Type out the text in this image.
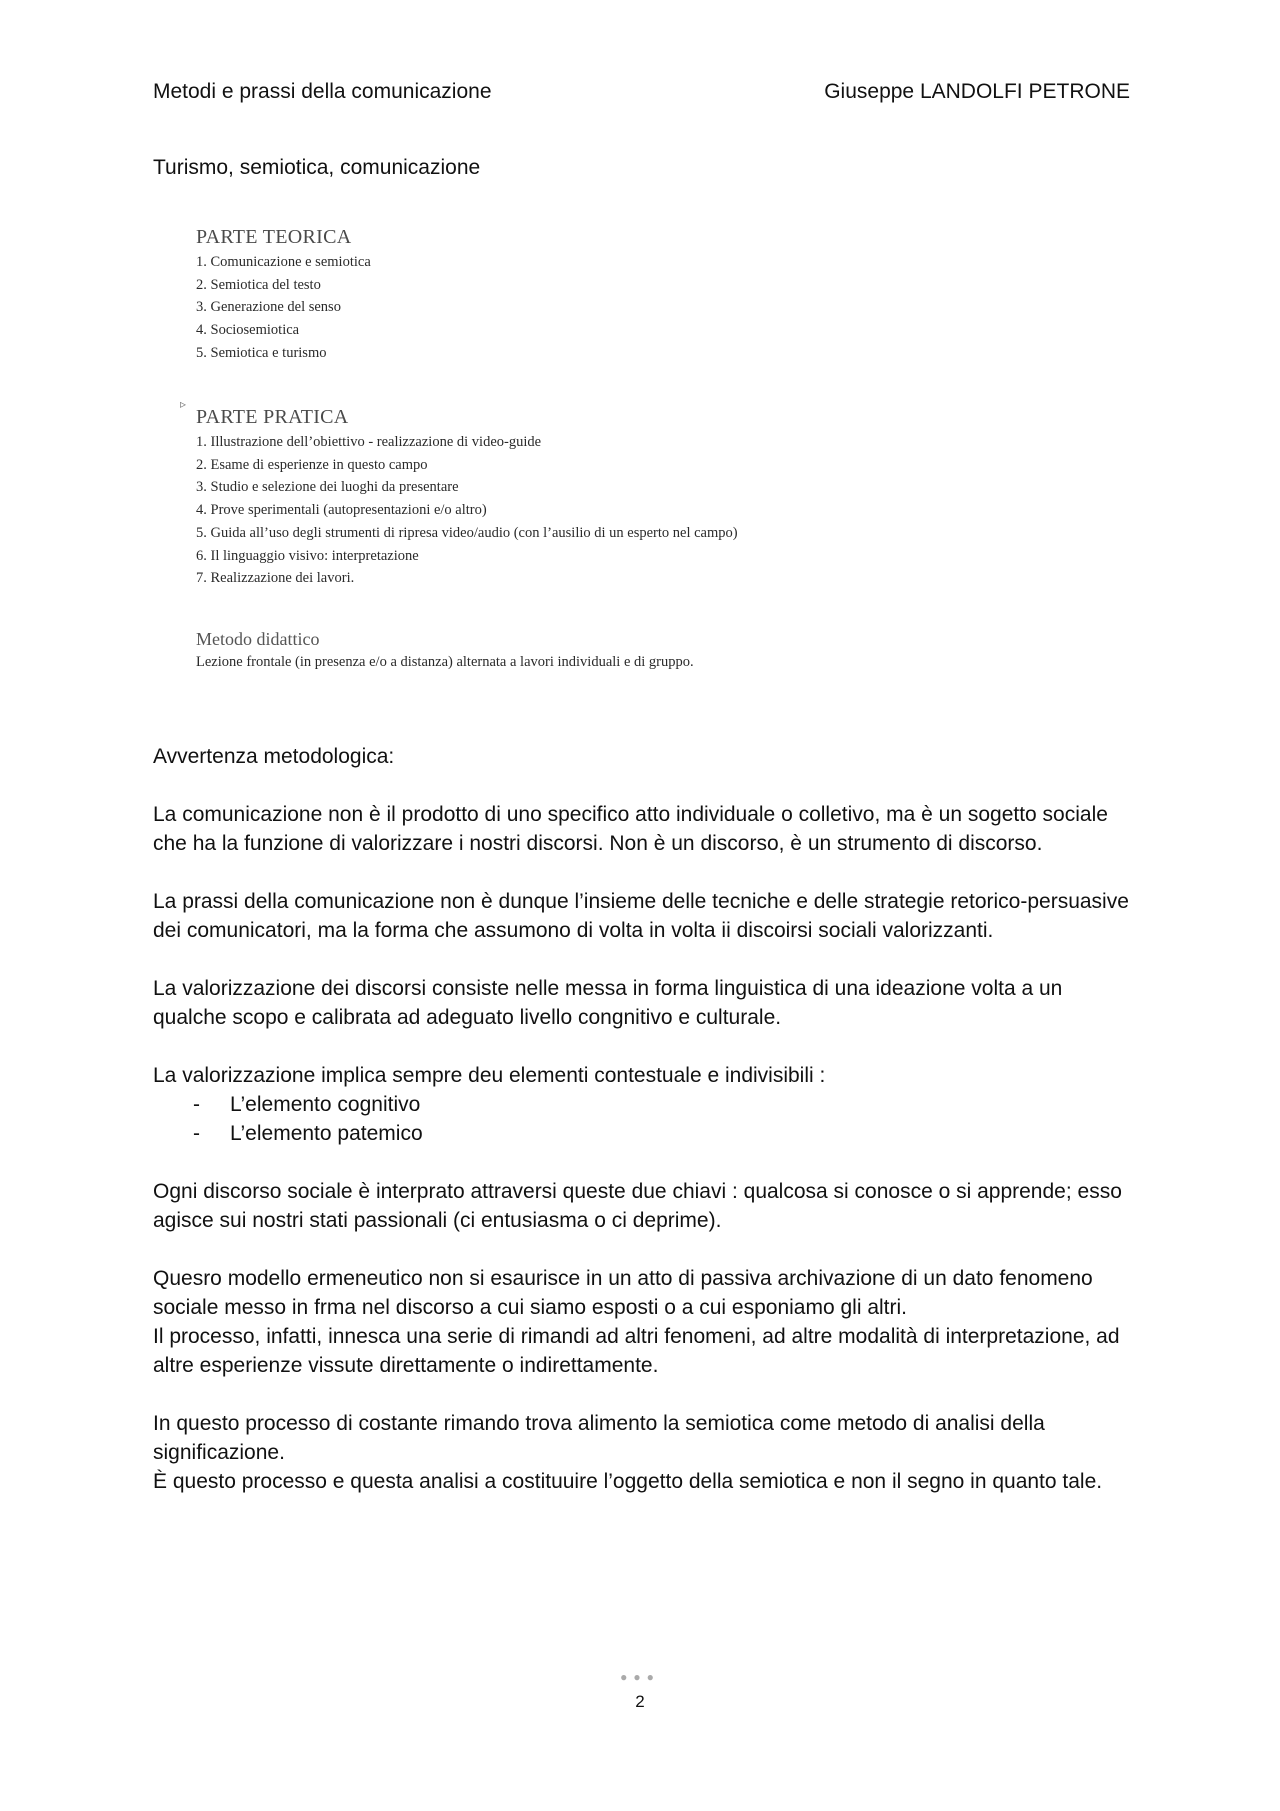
Metodi e prassi della comunicazione	Giuseppe LANDOLFI PETRONE
Turismo, semiotica, comunicazione
PARTE TEORICA
1. Comunicazione e semiotica
2. Semiotica del testo
3. Generazione del senso
4. Sociosemiotica
5. Semiotica e turismo
▹
PARTE PRATICA
1. Illustrazione dell’obiettivo - realizzazione di video-guide
2. Esame di esperienze in questo campo
3. Studio e selezione dei luoghi da presentare
4. Prove sperimentali (autopresentazioni e/o altro)
5. Guida all’uso degli strumenti di ripresa video/audio (con l’ausilio di un esperto nel campo)
6. Il linguaggio visivo: interpretazione
7. Realizzazione dei lavori.
Metodo didattico
Lezione frontale (in presenza e/o a distanza) alternata a lavori individuali e di gruppo.

Avvertenza metodologica:

La comunicazione non è il prodotto di uno specifico atto individuale o colletivo, ma è un sogetto sociale che ha la funzione di valorizzare i nostri discorsi. Non è un discorso, è un strumento di discorso.

La prassi della comunicazione non è dunque l’insieme delle tecniche e delle strategie retorico-persuasive dei comunicatori, ma la forma che assumono di volta in volta ii discoirsi sociali valorizzanti.

La valorizzazione dei discorsi consiste nelle messa in forma linguistica di una ideazione volta a un qualche scopo e calibrata ad adeguato livello congnitivo e culturale.

La valorizzazione implica sempre deu elementi contestuale e indivisibili :

- L’elemento cognitivo
- L’elemento patemico

Ogni discorso sociale è interprato attraversi queste due chiavi : qualcosa si conosce o si apprende; esso agisce sui nostri stati passionali (ci entusiasma o ci deprime).

Quesro modello ermeneutico non si esaurisce in un atto di passiva archivazione di un dato fenomeno sociale messo in frma nel discorso a cui siamo esposti o a cui esponiamo gli altri.
Il processo, infatti, innesca una serie di rimandi ad altri fenomeni, ad altre modalità di interpretazione, ad altre esperienze vissute direttamente o indirettamente.

In questo processo di costante rimando trova alimento la semiotica come metodo di analisi della significazione.
È questo processo e questa analisi a costituuire l’oggetto della semiotica e non il segno in quanto tale.

●●●
2
